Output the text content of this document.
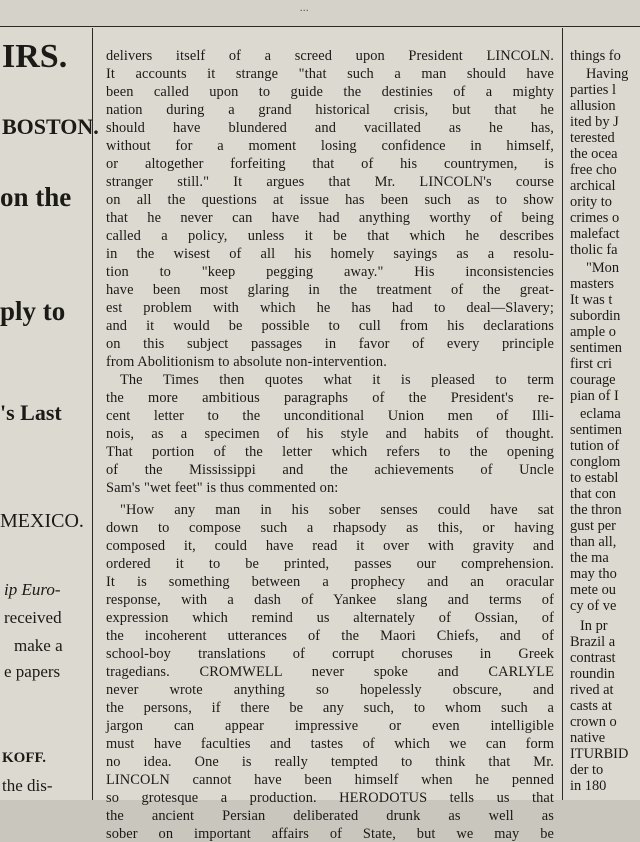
...
IRS.
BOSTON.
on the
ply to
's Last
MEXICO.
ip Euro-
received
make a
e papers
KOFF.
the dis-
delivers itself of a screed upon President LINCOLN.
It accounts it strange "that such a man should have
been called upon to guide the destinies of a mighty
nation during a grand historical crisis, but that he
should have blundered and vacillated as he has,
without for a moment losing confidence in himself,
or altogether forfeiting that of his countrymen, is
stranger still." It argues that Mr. LINCOLN's course
on all the questions at issue has been such as to show
that he never can have had anything worthy of being
called a policy, unless it be that which he describes
in the wisest of all his homely sayings as a resolu-
tion to "keep pegging away." His inconsistencies
have been most glaring in the treatment of the great-
est problem with which he has had to deal—Slavery;
and it would be possible to cull from his declarations
on this subject passages in favor of every principle
from Abolitionism to absolute non-intervention.
The Times then quotes what it is pleased to term
the more ambitious paragraphs of the President's re-
cent letter to the unconditional Union men of Illi-
nois, as a specimen of his style and habits of thought.
That portion of the letter which refers to the opening
of the Mississippi and the achievements of Uncle
Sam's "wet feet" is thus commented on:
"How any man in his sober senses could have sat
down to compose such a rhapsody as this, or having
composed it, could have read it over with gravity and
ordered it to be printed, passes our comprehension.
It is something between a prophecy and an oracular
response, with a dash of Yankee slang and terms of
expression which remind us alternately of Ossian, of
the incoherent utterances of the Maori Chiefs, and of
school-boy translations of corrupt choruses in Greek
tragedians. CROMWELL never spoke and CARLYLE
never wrote anything so hopelessly obscure, and
the persons, if there be any such, to whom such a
jargon can appear impressive or even intelligible
must have faculties and tastes of which we can form
no idea. One is really tempted to think that Mr.
LINCOLN cannot have been himself when he penned
so grotesque a production. HERODOTUS tells us that
the ancient Persian deliberated drunk as well as
sober on important affairs of State, but we may be
things fo
Having
parties l
allusion
ited by J
terested
the ocea
free cho
archical
ority to
crimes o
malefact
tholic fa
"Mon
masters
It was t
subordin
ample o
sentimen
first cri
courage
pian of I
eclama
sentimen
tution of
conglom
to establ
that con
the thron
gust per
than all,
the ma
may tho
mete ou
cy of ve
In pr
Brazil a
contrast
roundin
rived at
casts at
crown o
native
ITURBID
der to
in 180
